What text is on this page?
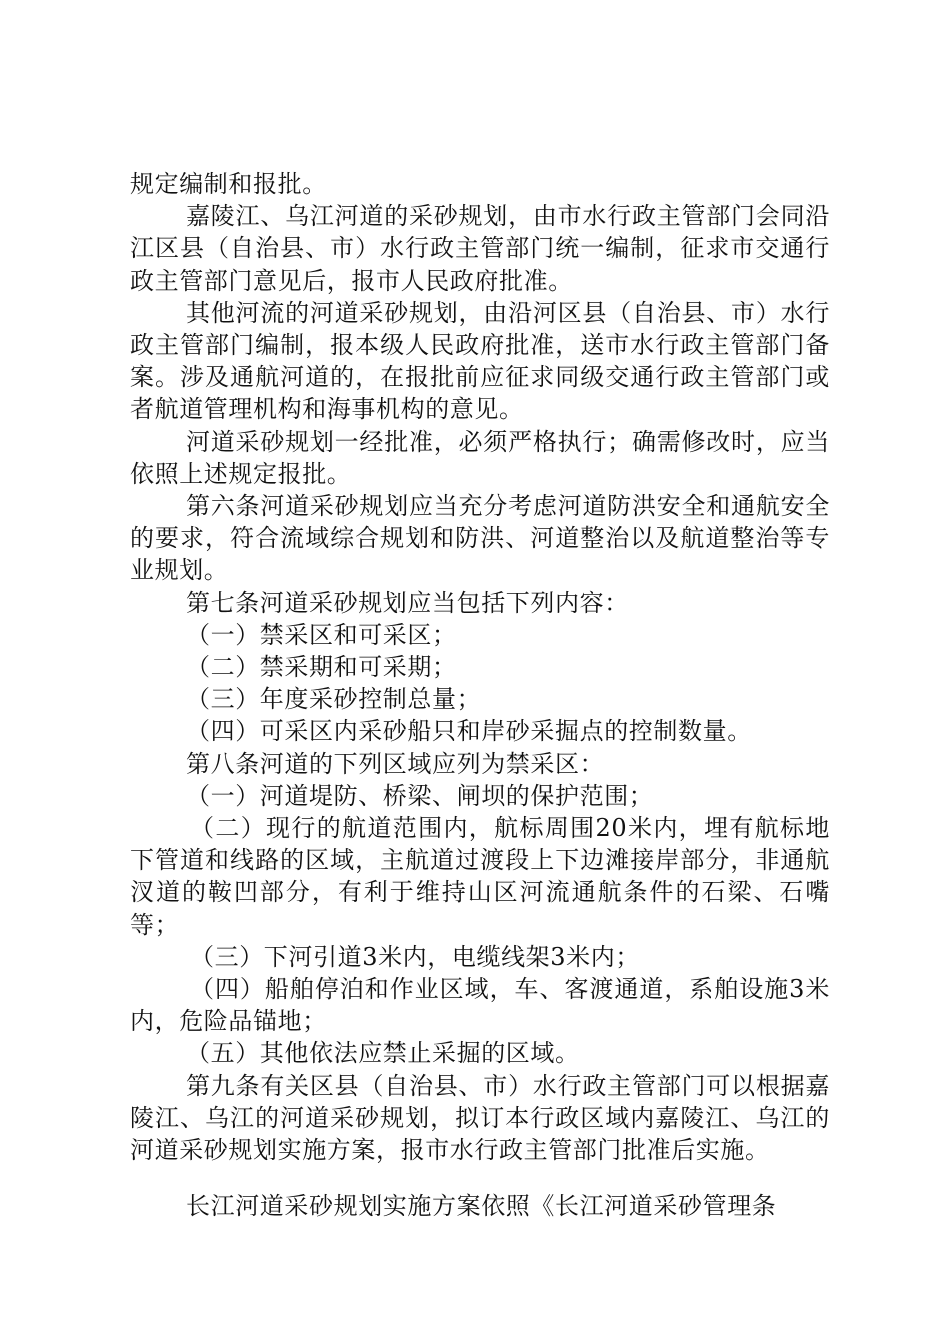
规定编制和报批。

嘉陵江、乌江河道的采砂规划，由市水行政主管部门会同沿江区县（自治县、市）水行政主管部门统一编制，征求市交通行政主管部门意见后，报市人民政府批准。

其他河流的河道采砂规划，由沿河区县（自治县、市）水行政主管部门编制，报本级人民政府批准，送市水行政主管部门备案。涉及通航河道的，在报批前应征求同级交通行政主管部门或者航道管理机构和海事机构的意见。

河道采砂规划一经批准，必须严格执行；确需修改时，应当依照上述规定报批。

第六条河道采砂规划应当充分考虑河道防洪安全和通航安全的要求，符合流域综合规划和防洪、河道整治以及航道整治等专业规划。

第七条河道采砂规划应当包括下列内容：

（一）禁采区和可采区；

（二）禁采期和可采期；

（三）年度采砂控制总量；

（四）可采区内采砂船只和岸砂采掘点的控制数量。

第八条河道的下列区域应列为禁采区：

（一）河道堤防、桥梁、闸坝的保护范围；

（二）现行的航道范围内，航标周围20米内，埋有航标地下管道和线路的区域，主航道过渡段上下边滩接岸部分，非通航汊道的鞍凹部分，有利于维持山区河流通航条件的石梁、石嘴等；

（三）下河引道3米内，电缆线架3米内；

（四）船舶停泊和作业区域，车、客渡通道，系舶设施3米内，危险品锚地；

（五）其他依法应禁止采掘的区域。

第九条有关区县（自治县、市）水行政主管部门可以根据嘉陵江、乌江的河道采砂规划，拟订本行政区域内嘉陵江、乌江的河道采砂规划实施方案，报市水行政主管部门批准后实施。

长江河道采砂规划实施方案依照《长江河道采砂管理条
